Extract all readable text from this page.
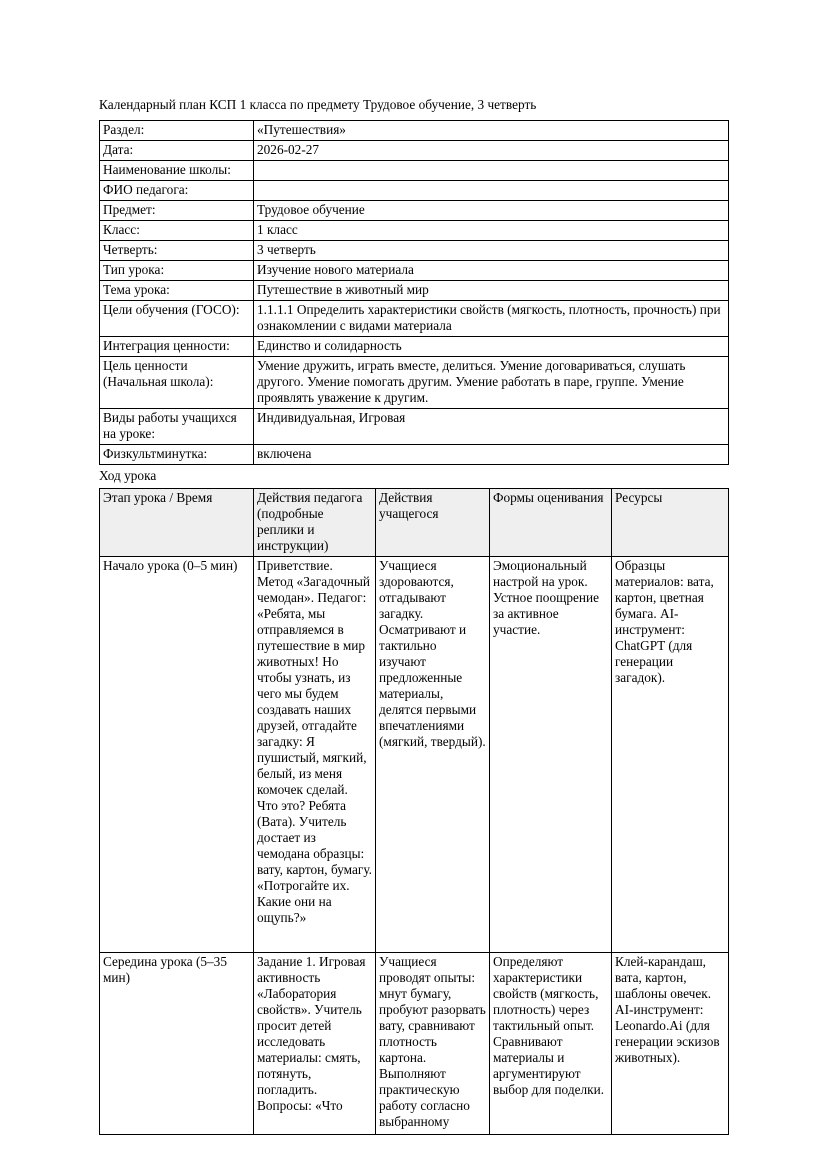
Календарный план КСП 1 класса по предмету Трудовое обучение, 3 четверть

Раздел:	«Путешествия»
Дата:	2026-02-27
Наименование школы:	
ФИО педагога:	
Предмет:	Трудовое обучение
Класс:	1 класс
Четверть:	3 четверть
Тип урока:	Изучение нового материала
Тема урока:	Путешествие в животный мир
Цели обучения (ГОСО):	1.1.1.1 Определить характеристики свойств (мягкость, плотность, прочность) при ознакомлении с видами материала
Интеграция ценности:	Единство и солидарность
Цель ценности (Начальная школа):	Умение дружить, играть вместе, делиться. Умение договариваться, слушать другого. Умение помогать другим. Умение работать в паре, группе. Умение проявлять уважение к другим.
Виды работы учащихся на уроке:	Индивидуальная, Игровая
Физкультминутка:	включена

Ход урока

Этап урока / Время	Действия педагога (подробные реплики и инструкции)	Действия учащегося	Формы оценивания	Ресурсы
Начало урока (0–5 мин)	Приветствие. Метод «Загадочный чемодан». Педагог: «Ребята, мы отправляемся в путешествие в мир животных! Но чтобы узнать, из чего мы будем создавать наших друзей, отгадайте загадку: Я пушистый, мягкий, белый, из меня комочек сделай. Что это? Ребята (Вата). Учитель достает из чемодана образцы: вату, картон, бумагу. «Потрогайте их. Какие они на ощупь?»	Учащиеся здороваются, отгадывают загадку. Осматривают и тактильно изучают предложенные материалы, делятся первыми впечатлениями (мягкий, твердый).	Эмоциональный настрой на урок. Устное поощрение за активное участие.	Образцы материалов: вата, картон, цветная бумага. AI-инструмент: ChatGPT (для генерации загадок).
Середина урока (5–35 мин)	Задание 1. Игровая активность «Лаборатория свойств». Учитель просит детей исследовать материалы: смять, потянуть, погладить. Вопросы: «Что	Учащиеся проводят опыты: мнут бумагу, пробуют разорвать вату, сравнивают плотность картона. Выполняют практическую работу согласно выбранному	Определяют характеристики свойств (мягкость, плотность) через тактильный опыт. Сравнивают материалы и аргументируют выбор для поделки.	Клей-карандаш, вата, картон, шаблоны овечек. AI-инструмент: Leonardo.Ai (для генерации эскизов животных).
